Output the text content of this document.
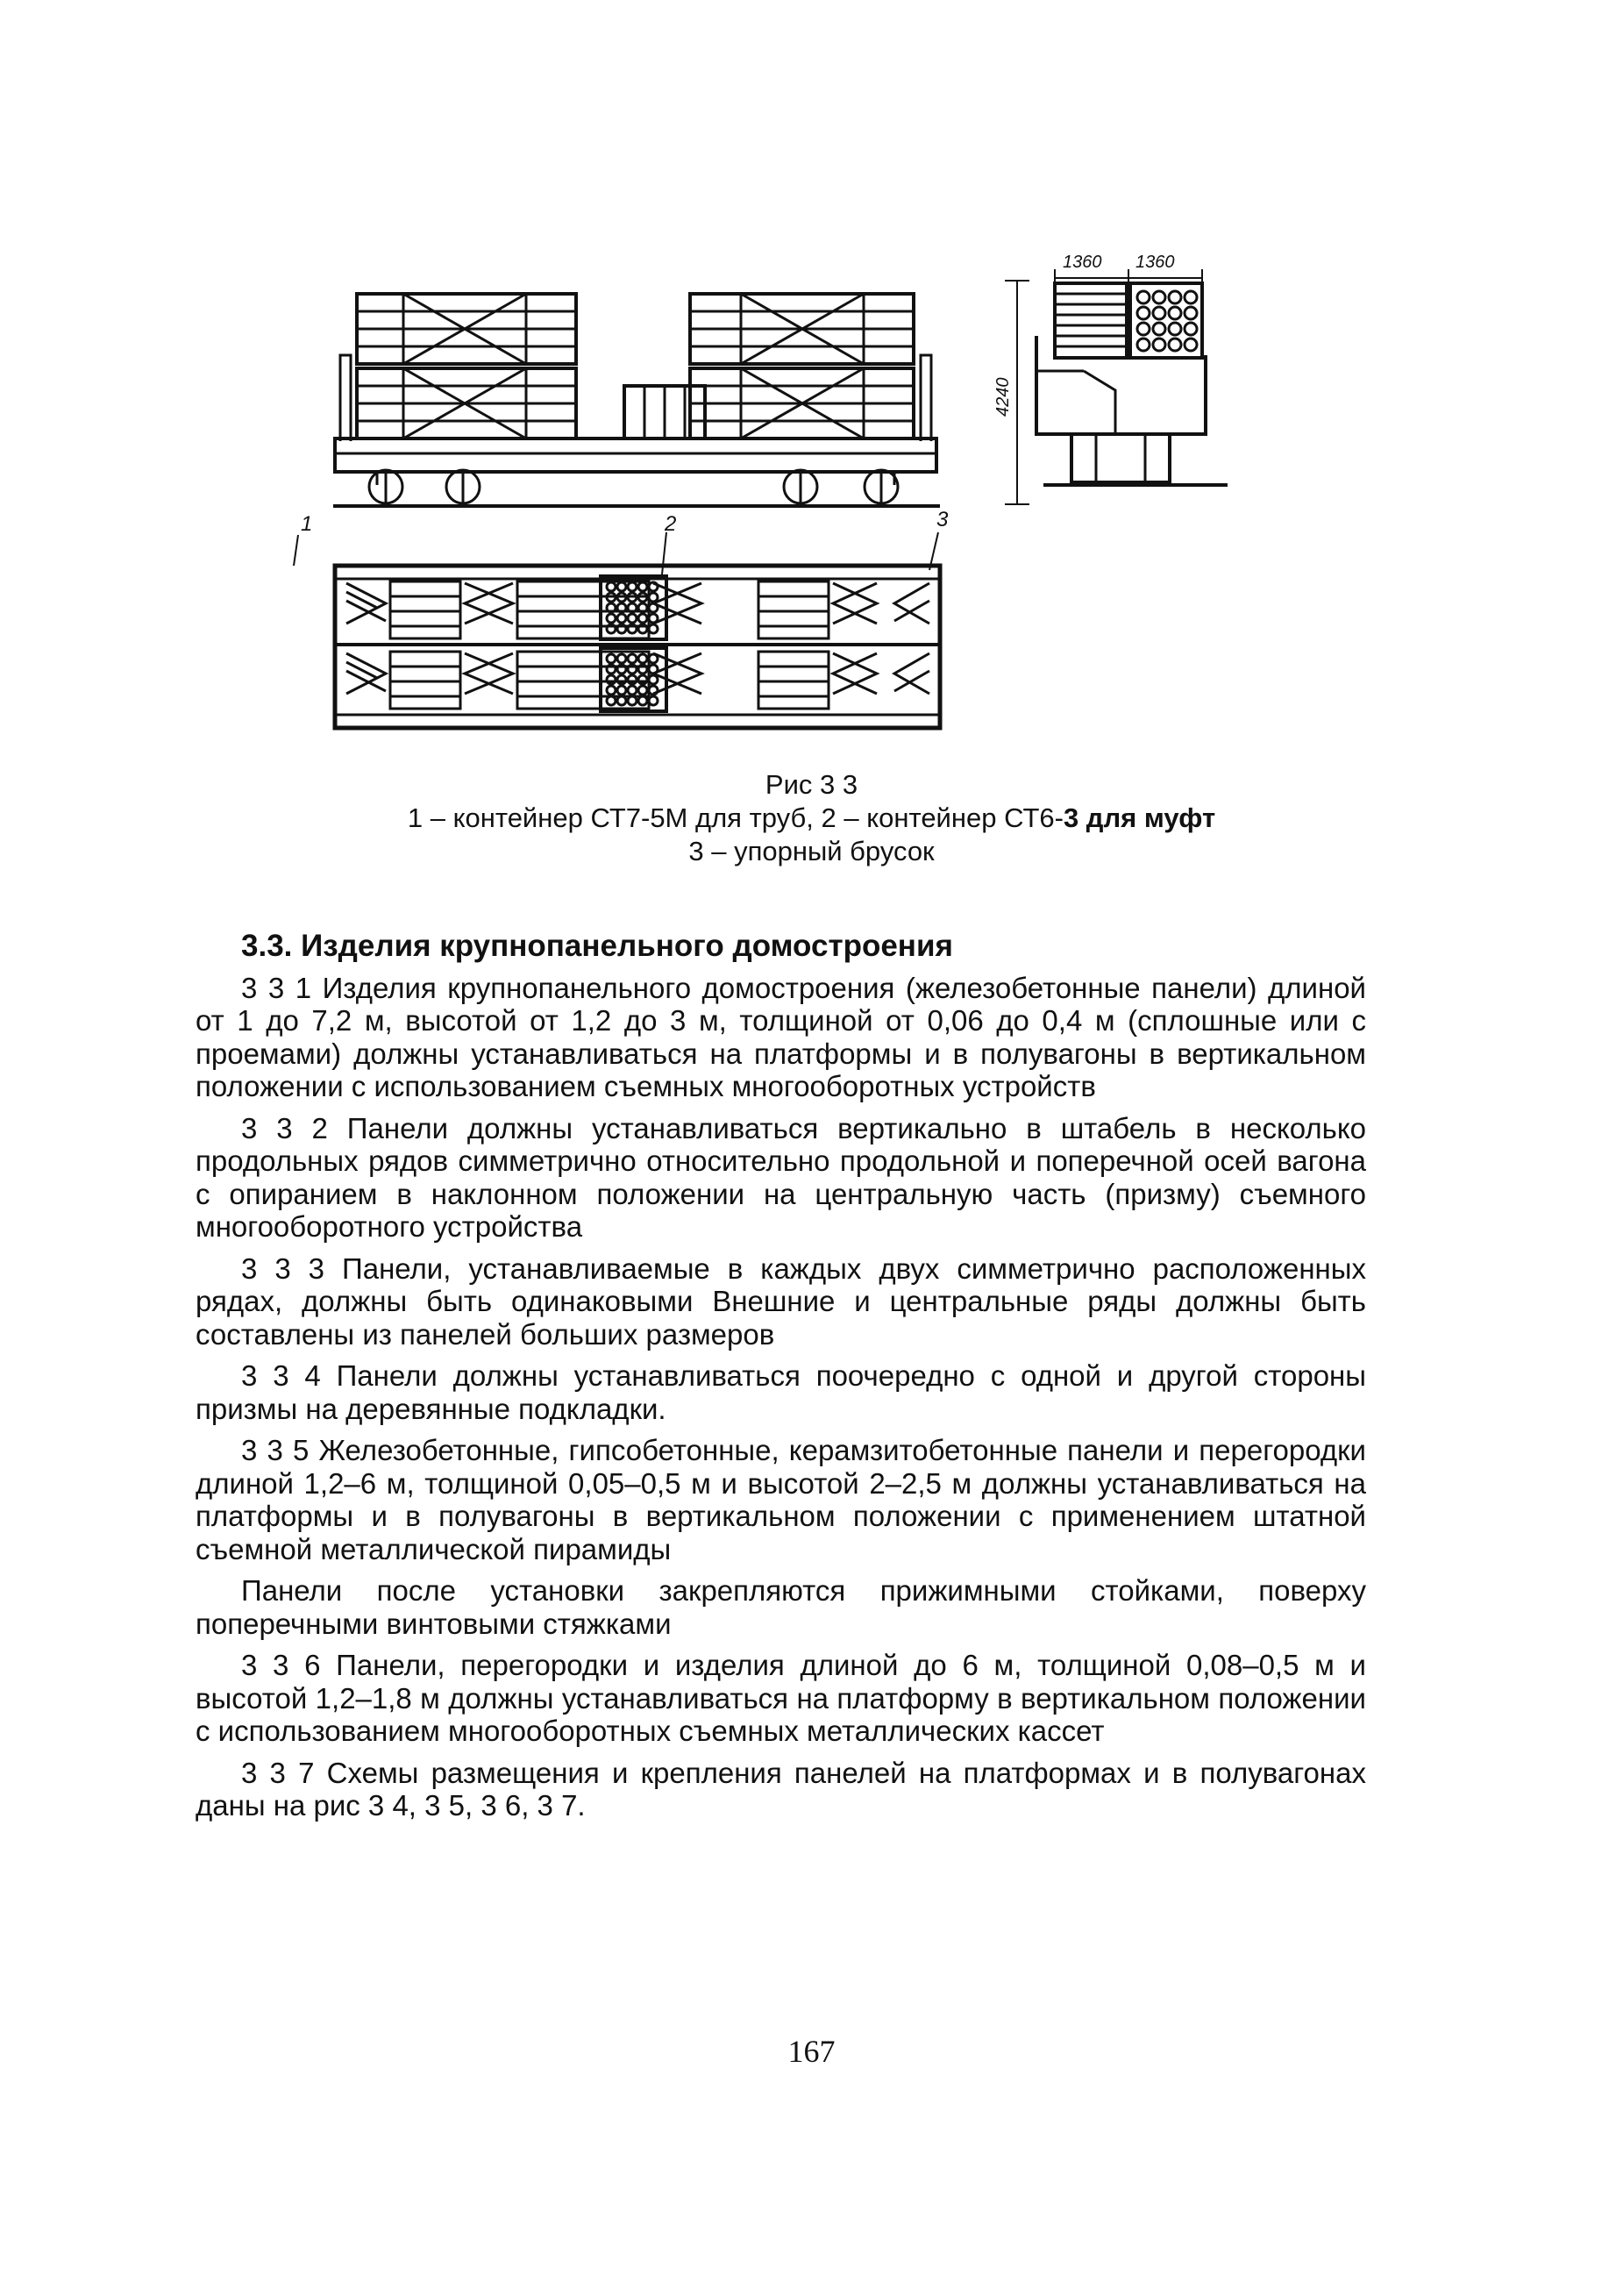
1360 1360
4240
1	2	3
Рис 3 3
1 – контейнер СТ7-5М для труб, 2 – контейнер СТ6-3 для муфт
3 – упорный брусок

3.3. Изделия крупнопанельного домостроения

3 3 1 Изделия крупнопанельного домостроения (железобетонные панели) длиной от 1 до 7,2 м, высотой от 1,2 до 3 м, толщиной от 0,06 до 0,4 м (сплошные или с проемами) должны устанавливаться на платформы и в полувагоны в вертикальном положении с использованием съемных многооборотных устройств

3 3 2 Панели должны устанавливаться вертикально в штабель в несколько продольных рядов симметрично относительно продольной и поперечной осей вагона с опиранием в наклонном положении на центральную часть (призму) съемного многооборотного устройства

3 3 3 Панели, устанавливаемые в каждых двух симметрично расположенных рядах, должны быть одинаковыми Внешние и центральные ряды должны быть составлены из панелей больших размеров

3 3 4 Панели должны устанавливаться поочередно с одной и другой стороны призмы на деревянные подкладки.

3 3 5 Железобетонные, гипсобетонные, керамзитобетонные панели и перегородки длиной 1,2–6 м, толщиной 0,05–0,5 м и высотой 2–2,5 м должны устанавливаться на платформы и в полувагоны в вертикальном положении с применением штатной съемной металлической пирамиды

Панели после установки закрепляются прижимными стойками, поверху поперечными винтовыми стяжками

3 3 6 Панели, перегородки и изделия длиной до 6 м, толщиной 0,08–0,5 м и высотой 1,2–1,8 м должны устанавливаться на платформу в вертикальном положении с использованием многооборотных съемных металлических кассет

3 3 7 Схемы размещения и крепления панелей на платформах и в полувагонах даны на рис 3 4, 3 5, 3 6, 3 7.

167
